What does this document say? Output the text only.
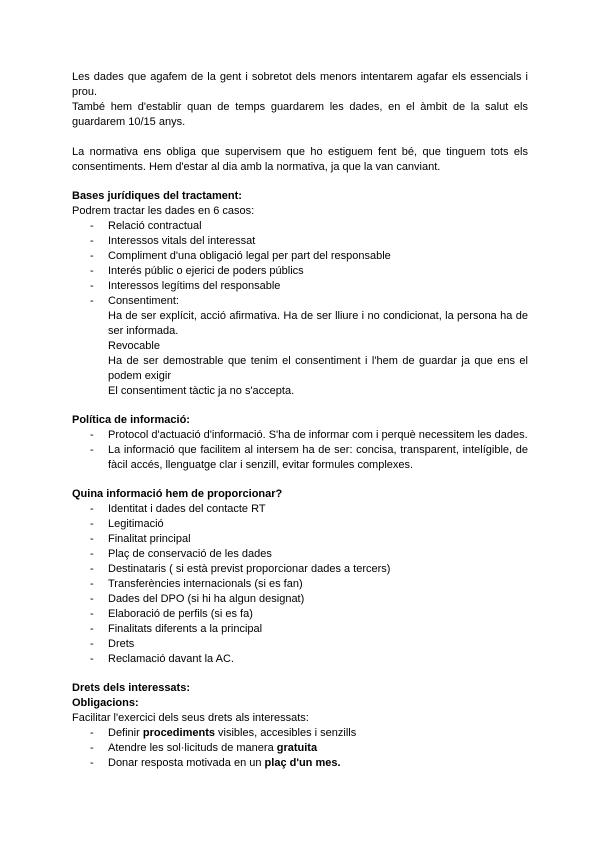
Les dades que agafem de la gent i sobretot dels menors intentarem agafar els essencials i prou.

També hem d'establir quan de temps guardarem les dades, en el àmbit de la salut els guardarem 10/15 anys.

La normativa ens obliga que supervisem que ho estiguem fent bé, que tinguem tots els consentiments. Hem d'estar al dia amb la normativa, ja que la van canviant.

Bases jurídiques del tractament:

Podrem tractar les dades en 6 casos:

- Relació contractual
- Interessos vitals del interessat
- Compliment d'una obligació legal per part del responsable
- Interés públic o ejerici de poders públics
- Interessos legítims del responsable
- Consentiment:

Ha de ser explícit, acció afirmativa. Ha de ser lliure i no condicionat, la persona ha de ser informada.

Revocable

Ha de ser demostrable que tenim el consentiment i l'hem de guardar ja que ens el podem exigir

El consentiment tàctic ja no s'accepta.

Política de informació:
- Protocol d'actuació d'informació. S'ha de informar com i perquè necessitem les dades.
- La informació que facilitem al intersem ha de ser: concisa, transparent, intelígible, de fàcil accés, llenguatge clar i senzill, evitar formules complexes.
Quina informació hem de proporcionar?
- Identitat i dades del contacte RT
- Legitimació
- Finalitat principal
- Plaç de conservació de les dades
- Destinataris ( si està previst proporcionar dades a tercers)
- Transferències internacionals (si es fan)
- Dades del DPO (si hi ha algun designat)
- Elaboració de perfils (si es fa)
- Finalitats diferents a la principal
- Drets
- Reclamació davant la AC.
Drets dels interessats:
Obligacions:

Facilitar l'exercici dels seus drets als interessats:

- Definir procediments visibles, accesibles i senzills
- Atendre les sol·licituds de manera gratuita
- Donar resposta motivada en un plaç d'un mes.
